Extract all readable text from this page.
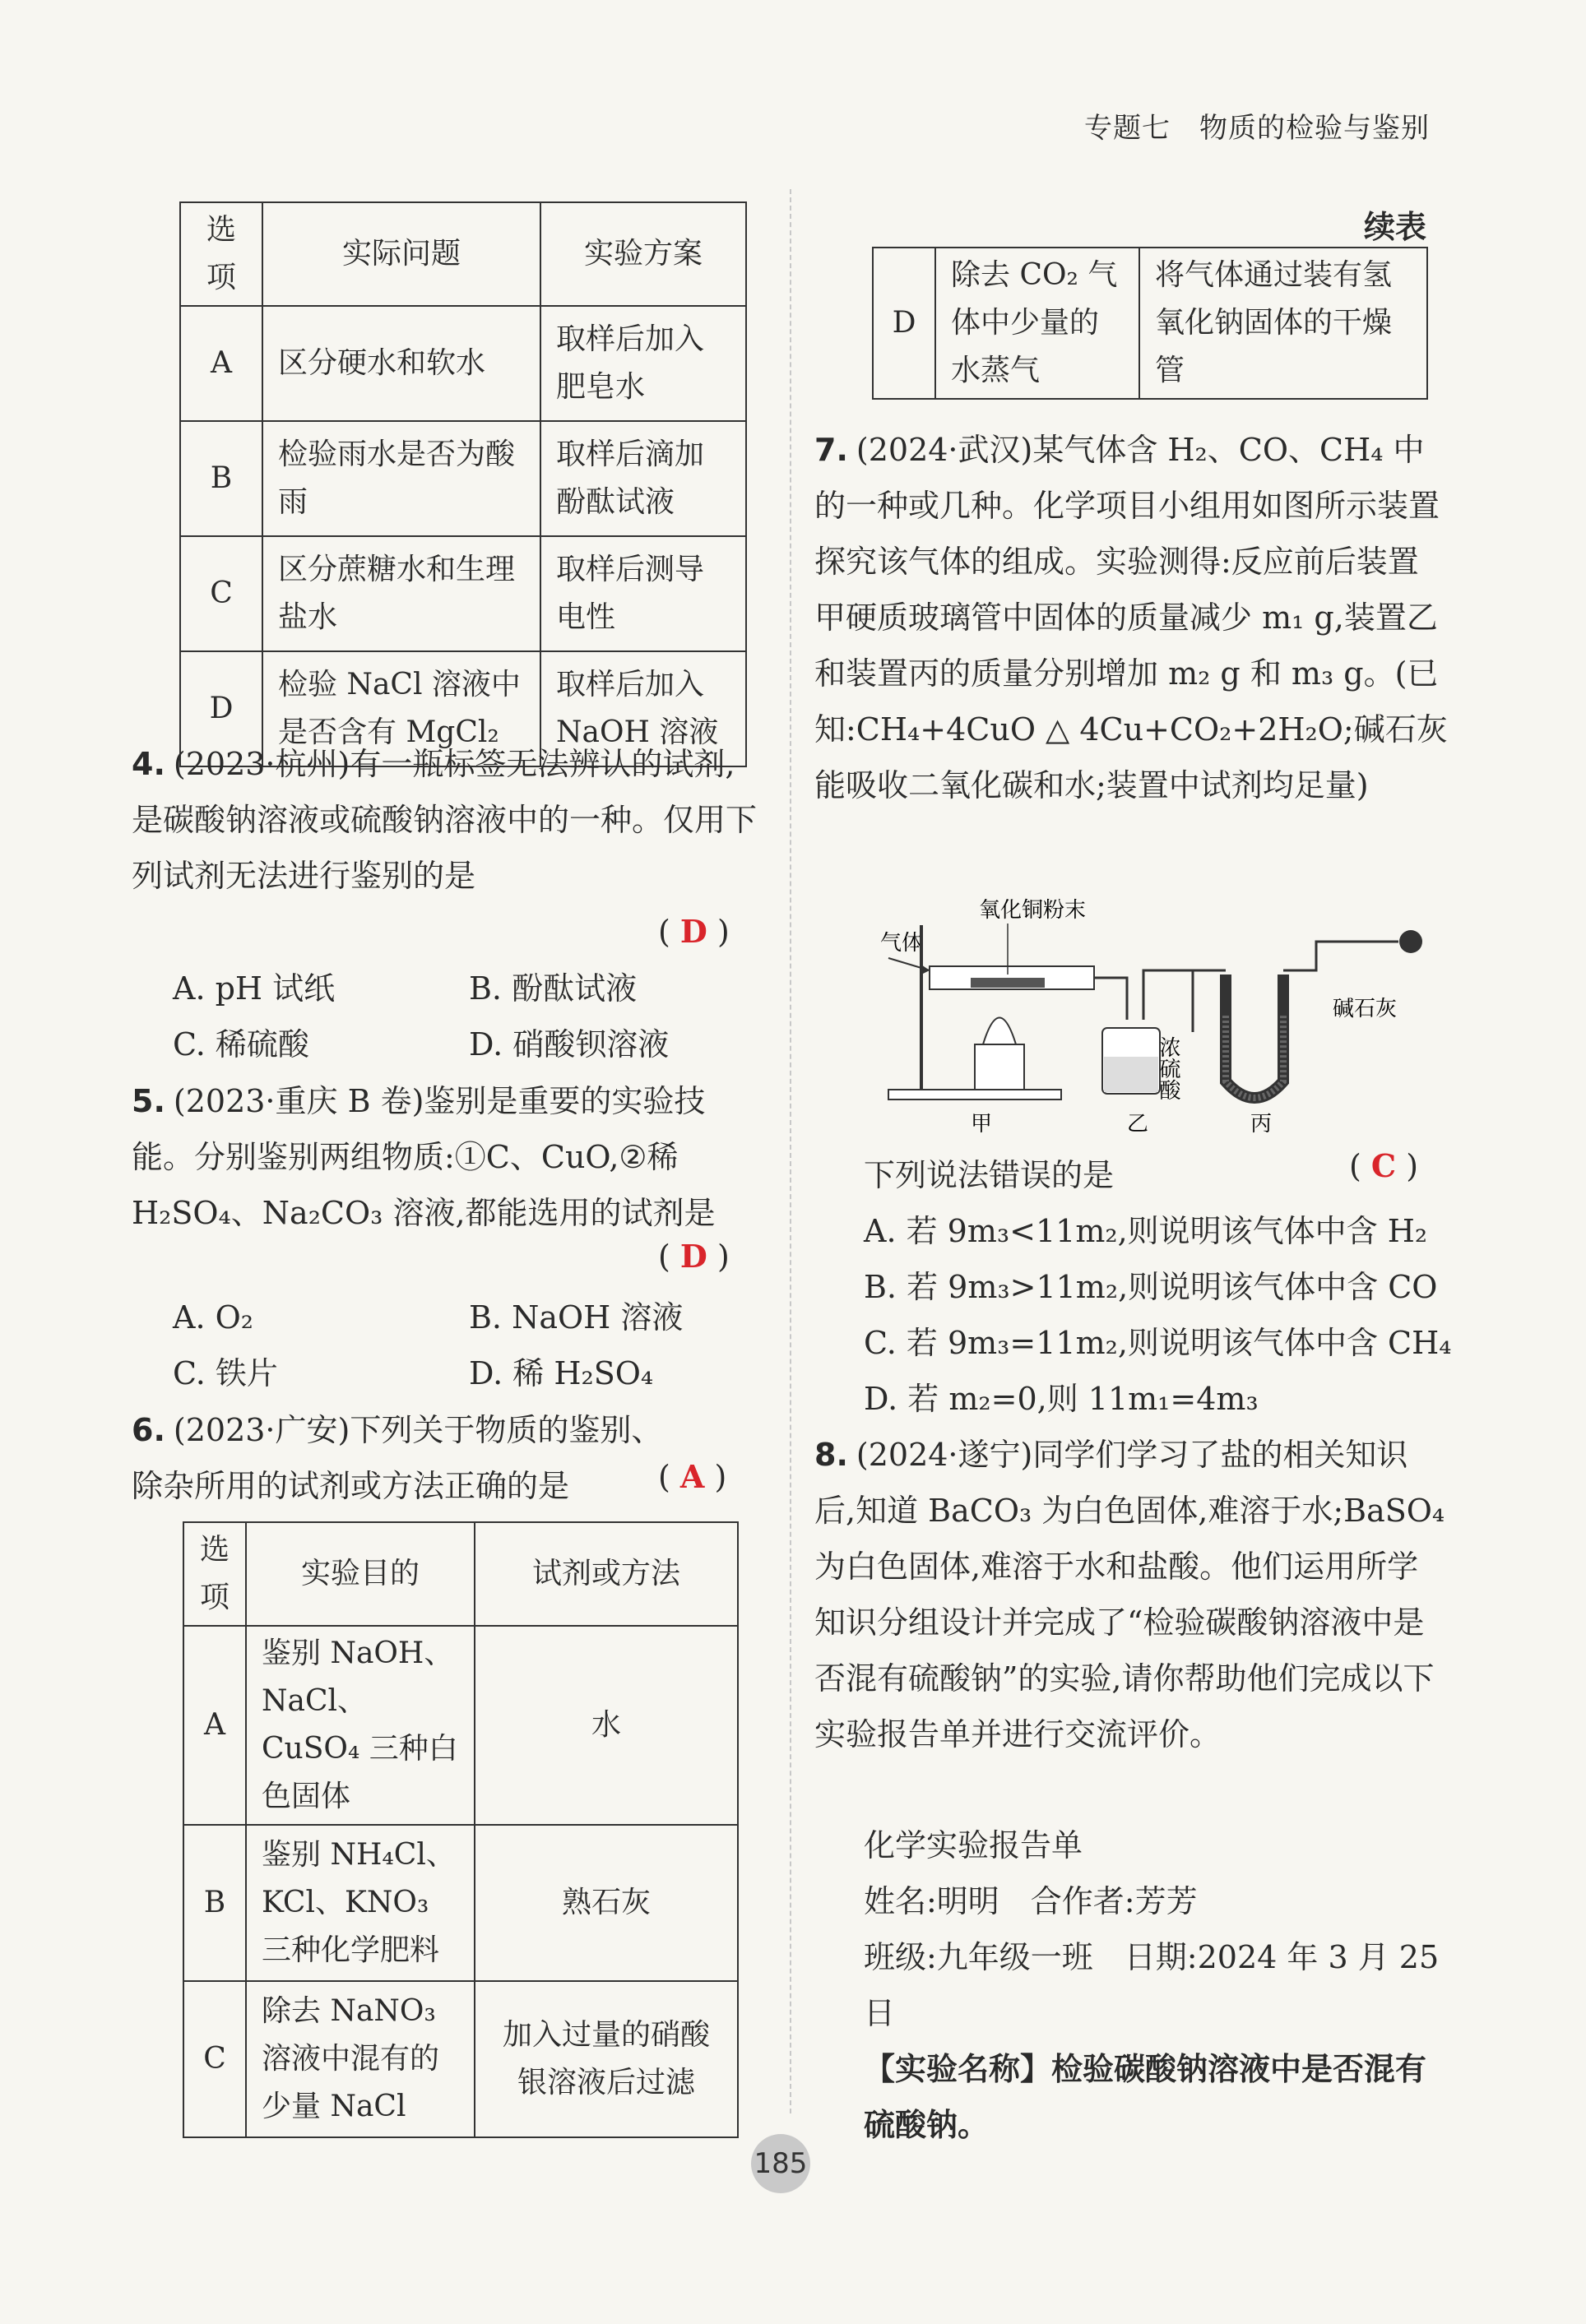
专题七　物质的检验与鉴别
选项	实际问题	实验方案
A	区分硬水和软水	取样后加入肥皂水
B	检验雨水是否为酸雨	取样后滴加酚酞试液
C	区分蔗糖水和生理盐水	取样后测导电性
D	检验 NaCl 溶液中是否含有 MgCl₂	取样后加入 NaOH 溶液
4. (2023·杭州)有一瓶标签无法辨认的试剂,是碳酸钠溶液或硫酸钠溶液中的一种。仅用下列试剂无法进行鉴别的是
( D )
A. pH 试纸	B. 酚酞试液
C. 稀硫酸	D. 硝酸钡溶液
5. (2023·重庆 B 卷)鉴别是重要的实验技能。分别鉴别两组物质:①C、CuO,②稀 H₂SO₄、Na₂CO₃ 溶液,都能选用的试剂是
( D )
A. O₂	B. NaOH 溶液
C. 铁片	D. 稀 H₂SO₄
6. (2023·广安)下列关于物质的鉴别、除杂所用的试剂或方法正确的是	( A )
选项	实验目的	试剂或方法
A	鉴别 NaOH、NaCl、CuSO₄ 三种白色固体	水
B	鉴别 NH₄Cl、KCl、KNO₃ 三种化学肥料	熟石灰
C	除去 NaNO₃ 溶液中混有的少量 NaCl	加入过量的硝酸银溶液后过滤
续表
D	除去 CO₂ 气体中少量的水蒸气	将气体通过装有氢氧化钠固体的干燥管
7. (2024·武汉)某气体含 H₂、CO、CH₄ 中的一种或几种。化学项目小组用如图所示装置探究该气体的组成。实验测得:反应前后装置甲硬质玻璃管中固体的质量减少 m₁ g,装置乙和装置丙的质量分别增加 m₂ g 和 m₃ g。(已知:CH₄+4CuO △ 4Cu+CO₂+2H₂O;碱石灰能吸收二氧化碳和水;装置中试剂均足量)
气体
氧化铜粉末
浓硫酸
碱石灰
甲	乙	丙
下列说法错误的是	( C )
A. 若 9m₃<11m₂,则说明该气体中含 H₂
B. 若 9m₃>11m₂,则说明该气体中含 CO
C. 若 9m₃=11m₂,则说明该气体中含 CH₄
D. 若 m₂=0,则 11m₁=4m₃
8. (2024·遂宁)同学们学习了盐的相关知识后,知道 BaCO₃ 为白色固体,难溶于水;BaSO₄ 为白色固体,难溶于水和盐酸。他们运用所学知识分组设计并完成了“检验碳酸钠溶液中是否混有硫酸钠”的实验,请你帮助他们完成以下实验报告单并进行交流评价。
化学实验报告单
姓名:明明　合作者:芳芳
班级:九年级一班　日期:2024 年 3 月 25 日
【实验名称】检验碳酸钠溶液中是否混有硫酸钠。
185
